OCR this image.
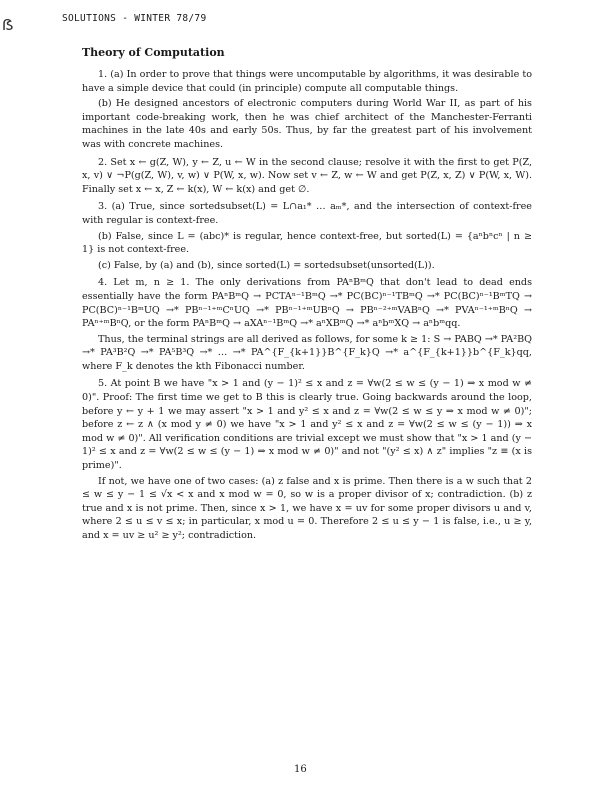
ẞ	SOLUTIONS - WINTER 78/79
Theory of Computation

1. (a) In order to prove that things were uncomputable by algorithms, it was desirable to have a simple device that could (in principle) compute all computable things.

(b) He designed ancestors of electronic computers during World War II, as part of his important code-breaking work, then he was chief architect of the Manchester-Ferranti machines in the late 40s and early 50s. Thus, by far the greatest part of his involvement was with concrete machines.

2. Set x ← g(Z, W), y ← Z, u ← W in the second clause; resolve it with the first to get P(Z, x, v) ∨ ¬P(g(Z, W), v, w) ∨ P(W, x, w). Now set v ← Z, w ← W and get P(Z, x, Z) ∨ P(W, x, W). Finally set x ← x, Z ← k(x), W ← k(x) and get ∅.

3. (a) True, since sortedsubset(L) = L∩a₁* … aₘ*, and the intersection of context-free with regular is context-free.

(b) False, since L = (abc)* is regular, hence context-free, but sorted(L) = {aⁿbⁿcⁿ | n ≥ 1} is not context-free.

(c) False, by (a) and (b), since sorted(L) = sortedsubset(unsorted(L)).

4. Let m, n ≥ 1. The only derivations from PAⁿBᵐQ that don't lead to dead ends essentially have the form PAⁿBᵐQ → PCTAⁿ⁻¹BᵐQ →* PC(BC)ⁿ⁻¹TBᵐQ →* PC(BC)ⁿ⁻¹BᵐTQ → PC(BC)ⁿ⁻¹BᵐUQ →* PBⁿ⁻¹⁺ᵐCⁿUQ →* PBⁿ⁻¹⁺ᵐUBⁿQ → PBⁿ⁻²⁺ᵐVABⁿQ →* PVAⁿ⁻¹⁺ᵐBⁿQ → PAⁿ⁺ᵐBⁿQ, or the form PAⁿBᵐQ → aXAⁿ⁻¹BᵐQ →* aⁿXBᵐQ →* aⁿbᵐXQ → aⁿbᵐqq.

Thus, the terminal strings are all derived as follows, for some k ≥ 1: S → PABQ →* PA²BQ →* PA³B²Q →* PA⁵B³Q →* … →* PA^{F_{k+1}}B^{F_k}Q →* a^{F_{k+1}}b^{F_k}qq, where F_k denotes the kth Fibonacci number.

5. At point B we have "x > 1 and (y − 1)² ≤ x and z = ∀w(2 ≤ w ≤ (y − 1) ⇒ x mod w ≠ 0)". Proof: The first time we get to B this is clearly true. Going backwards around the loop, before y ← y + 1 we may assert "x > 1 and y² ≤ x and z = ∀w(2 ≤ w ≤ y ⇒ x mod w ≠ 0)"; before z ← z ∧ (x mod y ≠ 0) we have "x > 1 and y² ≤ x and z = ∀w(2 ≤ w ≤ (y − 1)) ⇒ x mod w ≠ 0)". All verification conditions are trivial except we must show that "x > 1 and (y − 1)² ≤ x and z = ∀w(2 ≤ w ≤ (y − 1) ⇒ x mod w ≠ 0)" and not "(y² ≤ x) ∧ z" implies "z ≡ (x is prime)".

If not, we have one of two cases: (a) z false and x is prime. Then there is a w such that 2 ≤ w ≤ y − 1 ≤ √x < x and x mod w = 0, so w is a proper divisor of x; contradiction. (b) z true and x is not prime. Then, since x > 1, we have x = uv for some proper divisors u and v, where 2 ≤ u ≤ v ≤ x; in particular, x mod u = 0. Therefore 2 ≤ u ≤ y − 1 is false, i.e., u ≥ y, and x = uv ≥ u² ≥ y²; contradiction.

16
